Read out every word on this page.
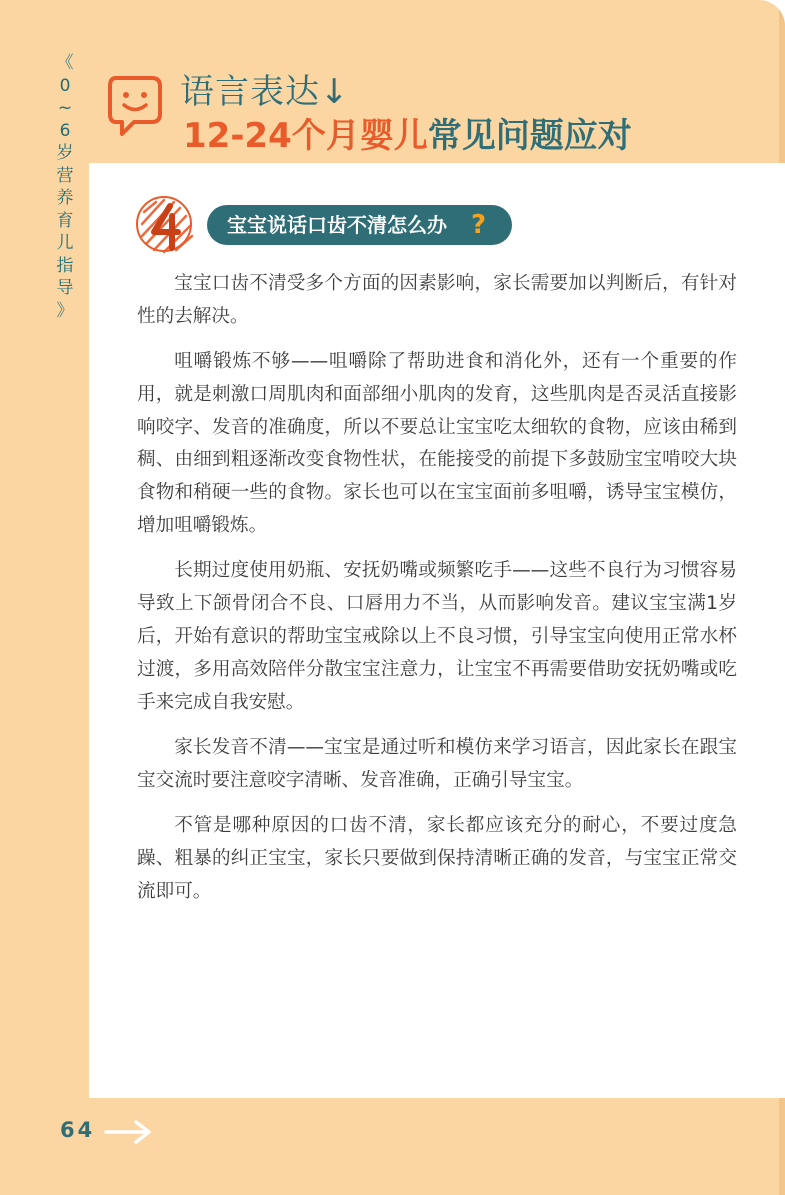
《
0
~
6
岁
营
养
育
儿
指
导
》
语言表达↓
12-24个月婴儿常见问题应对
宝宝说话口齿不清怎么办 ?

宝宝口齿不清受多个方面的因素影响，家长需要加以判断后，有针对性的去解决。

咀嚼锻炼不够——咀嚼除了帮助进食和消化外，还有一个重要的作用，就是刺激口周肌肉和面部细小肌肉的发育，这些肌肉是否灵活直接影响咬字、发音的准确度，所以不要总让宝宝吃太细软的食物，应该由稀到稠、由细到粗逐渐改变食物性状，在能接受的前提下多鼓励宝宝啃咬大块食物和稍硬一些的食物。家长也可以在宝宝面前多咀嚼，诱导宝宝模仿，增加咀嚼锻炼。

长期过度使用奶瓶、安抚奶嘴或频繁吃手——这些不良行为习惯容易导致上下颌骨闭合不良、口唇用力不当，从而影响发音。建议宝宝满1岁后，开始有意识的帮助宝宝戒除以上不良习惯，引导宝宝向使用正常水杯过渡，多用高效陪伴分散宝宝注意力，让宝宝不再需要借助安抚奶嘴或吃手来完成自我安慰。

家长发音不清——宝宝是通过听和模仿来学习语言，因此家长在跟宝宝交流时要注意咬字清晰、发音准确，正确引导宝宝。

不管是哪种原因的口齿不清，家长都应该充分的耐心，不要过度急躁、粗暴的纠正宝宝，家长只要做到保持清晰正确的发音，与宝宝正常交流即可。

64
